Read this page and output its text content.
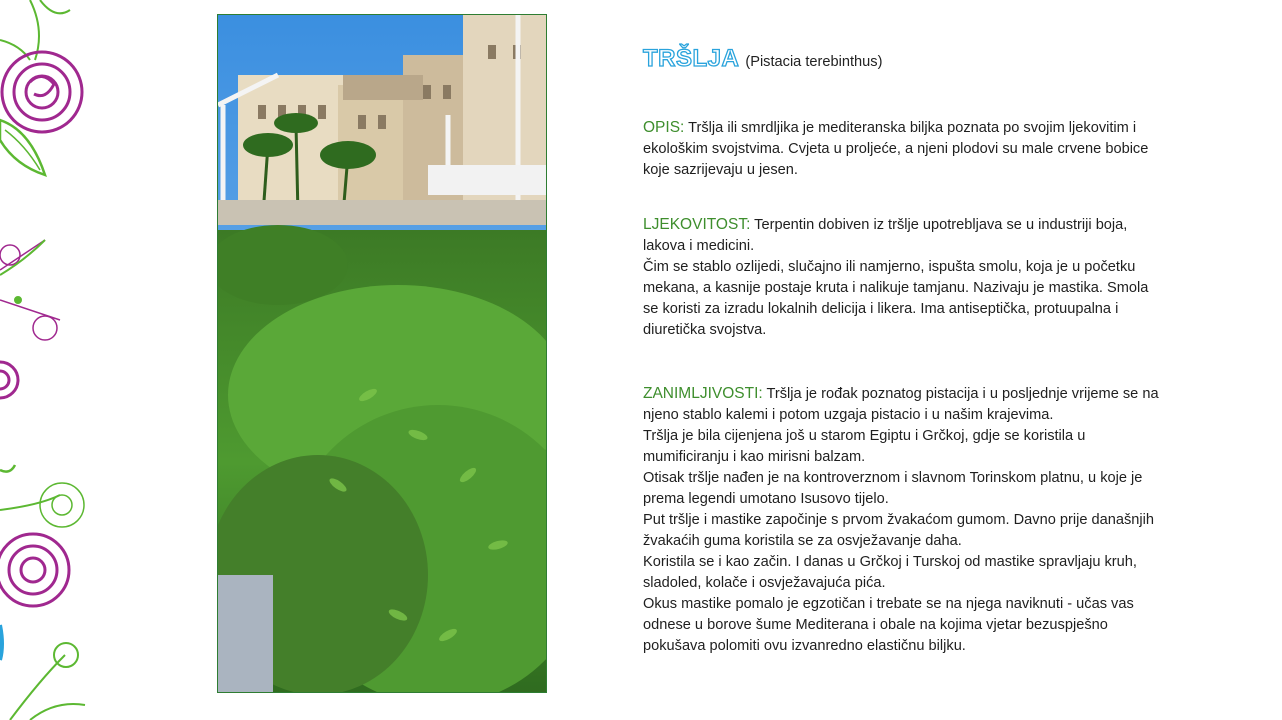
TRŠLJA (Pistacia terebinthus)

OPIS: Tršlja ili smrdljika je mediteranska biljka poznata po svojim ljekovitim i ekološkim svojstvima. Cvjeta u proljeće, a njeni plodovi su male crvene bobice koje sazrijevaju u jesen.

LJEKOVITOST: Terpentin dobiven iz tršlje upotrebljava se u industriji boja, lakova i medicini.

Čim se stablo ozlijedi, slučajno ili namjerno, ispušta smolu, koja je u početku mekana, a kasnije postaje kruta i nalikuje tamjanu. Nazivaju je mastika. Smola se koristi za izradu lokalnih delicija i likera. Ima antiseptička, protuupalna i diuretička svojstva.

ZANIMLJIVOSTI: Tršlja je rođak poznatog pistacija i u posljednje vrijeme se na njeno stablo kalemi i potom uzgaja pistacio i u našim krajevima.

Tršlja je bila cijenjena još u starom Egiptu i Grčkoj, gdje se koristila u mumificiranju i kao mirisni balzam.

Otisak tršlje nađen je na kontroverznom i slavnom Torinskom platnu, u koje je prema legendi umotano Isusovo tijelo.

Put tršlje i mastike započinje s prvom žvakaćom gumom. Davno prije današnjih žvakaćih guma koristila se za osvježavanje daha.

Koristila se i kao začin. I danas u Grčkoj i Turskoj od mastike spravljaju kruh, sladoled, kolače i osvježavajuća pića.

Okus mastike pomalo je egzotičan i trebate se na njega naviknuti - učas vas odnese u borove šume Mediterana i obale na kojima vjetar bezuspješno pokušava polomiti ovu izvanredno elastičnu biljku.
